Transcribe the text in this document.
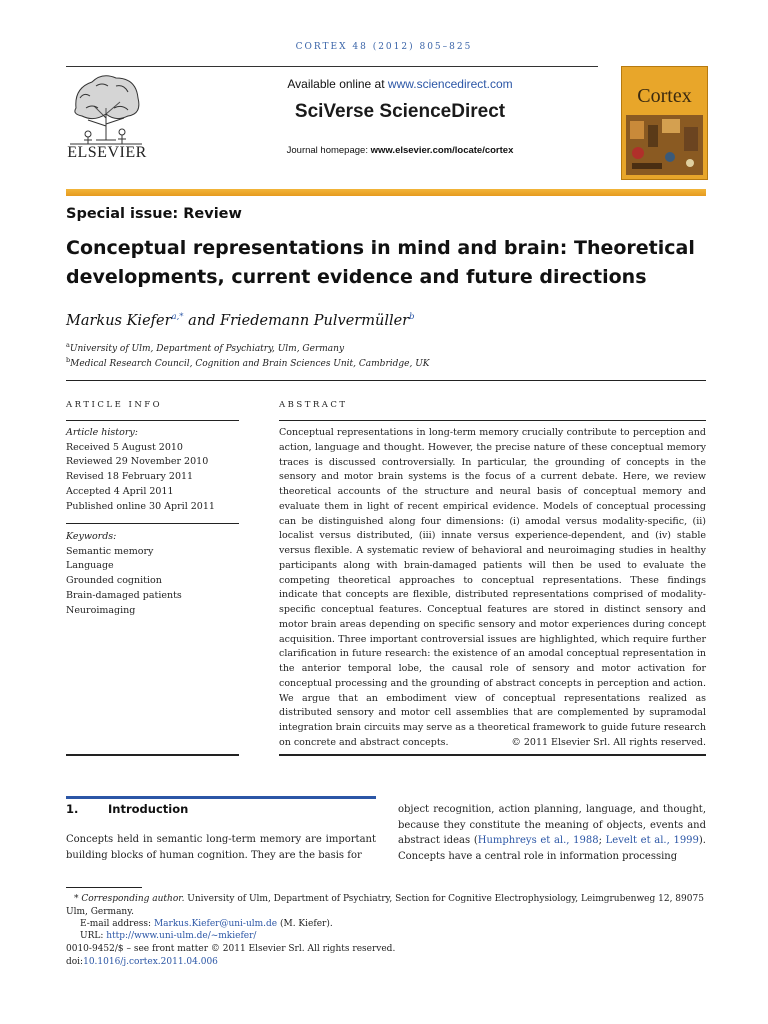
CORTEX 48 (2012) 805–825
ELSEVIER
Available online at www.sciencedirect.com
SciVerse ScienceDirect
Journal homepage: www.elsevier.com/locate/cortex
Cortex
Special issue: Review
Conceptual representations in mind and brain: Theoretical
developments, current evidence and future directions
Markus Kiefer$^{a,*}$ and Friedemann Pulvermüller$^b$
$^a$University of Ulm, Department of Psychiatry, Ulm, Germany
$^b$Medical Research Council, Cognition and Brain Sciences Unit, Cambridge, UK
ARTICLE INFO
Article history:
Received 5 August 2010
Reviewed 29 November 2010
Revised 18 February 2011
Accepted 4 April 2011
Published online 30 April 2011
Keywords:
Semantic memory
Language
Grounded cognition
Brain-damaged patients
Neuroimaging
ABSTRACT
Conceptual representations in long-term memory crucially contribute to perception and action, language and thought. However, the precise nature of these conceptual memory traces is discussed controversially. In particular, the grounding of concepts in the sensory and motor brain systems is the focus of a current debate. Here, we review theoretical accounts of the structure and neural basis of conceptual memory and evaluate them in light of recent empirical evidence. Models of conceptual processing can be distinguished along four dimensions: (i) amodal versus modality-specific, (ii) localist versus distributed, (iii) innate versus experience-dependent, and (iv) stable versus flexible. A systematic review of behavioral and neuroimaging studies in healthy participants along with brain-damaged patients will then be used to evaluate the competing theoretical approaches to conceptual representations. These findings indicate that concepts are flexible, distributed representations comprised of modality-specific conceptual features. Conceptual features are stored in distinct sensory and motor brain areas depending on specific sensory and motor experiences during concept acquisition. Three important controversial issues are highlighted, which require further clarification in future research: the existence of an amodal conceptual representation in the anterior temporal lobe, the causal role of sensory and motor activation for conceptual processing and the grounding of abstract concepts in perception and action. We argue that an embodiment view of conceptual representations realized as distributed sensory and motor cell assemblies that are complemented by supramodal integration brain circuits may serve as a theoretical framework to guide future research on concrete and abstract concepts.	© 2011 Elsevier Srl. All rights reserved.
1.	Introduction
Concepts held in semantic long-term memory are important building blocks of human cognition. They are the basis for
object recognition, action planning, language, and thought, because they constitute the meaning of objects, events and abstract ideas (Humphreys et al., 1988; Levelt et al., 1999). Concepts have a central role in information processing
* Corresponding author. University of Ulm, Department of Psychiatry, Section for Cognitive Electrophysiology, Leimgrubenweg 12, 89075 Ulm, Germany.
E-mail address: Markus.Kiefer@uni-ulm.de (M. Kiefer).
URL: http://www.uni-ulm.de/~mkiefer/
0010-9452/$ – see front matter © 2011 Elsevier Srl. All rights reserved.
doi:10.1016/j.cortex.2011.04.006
